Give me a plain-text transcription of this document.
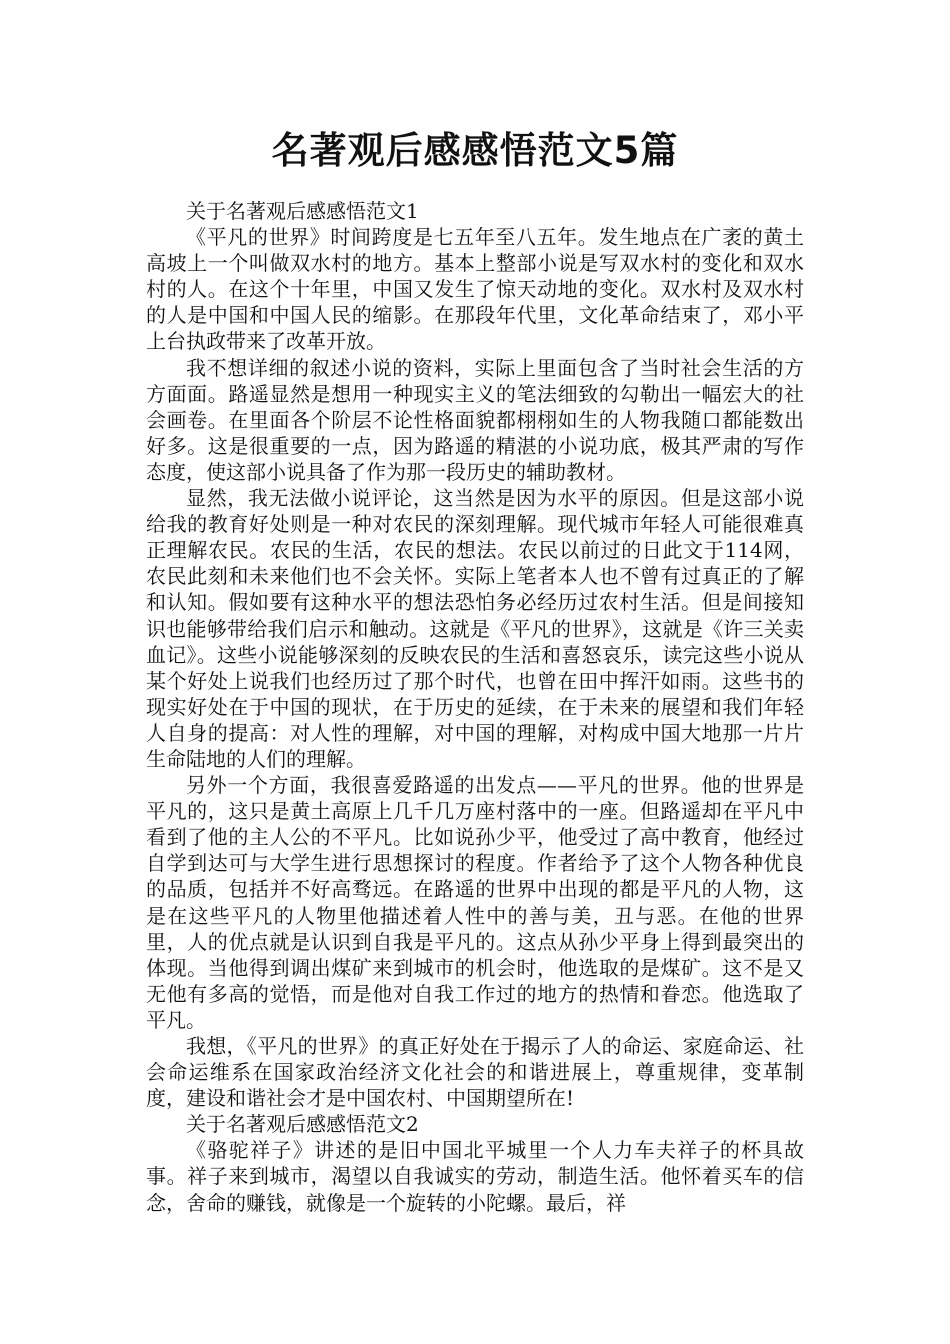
名著观后感感悟范文5篇

关于名著观后感感悟范文1

《平凡的世界》时间跨度是七五年至八五年。发生地点在广袤的黄土高坡上一个叫做双水村的地方。基本上整部小说是写双水村的变化和双水村的人。在这个十年里，中国又发生了惊天动地的变化。双水村及双水村的人是中国和中国人民的缩影。在那段年代里，文化革命结束了，邓小平上台执政带来了改革开放。

我不想详细的叙述小说的资料，实际上里面包含了当时社会生活的方方面面。路遥显然是想用一种现实主义的笔法细致的勾勒出一幅宏大的社会画卷。在里面各个阶层不论性格面貌都栩栩如生的人物我随口都能数出好多。这是很重要的一点，因为路遥的精湛的小说功底，极其严肃的写作态度，使这部小说具备了作为那一段历史的辅助教材。

显然，我无法做小说评论，这当然是因为水平的原因。但是这部小说给我的教育好处则是一种对农民的深刻理解。现代城市年轻人可能很难真正理解农民。农民的生活，农民的想法。农民以前过的日此文于114网，农民此刻和未来他们也不会关怀。实际上笔者本人也不曾有过真正的了解和认知。假如要有这种水平的想法恐怕务必经历过农村生活。但是间接知识也能够带给我们启示和触动。这就是《平凡的世界》，这就是《许三关卖血记》。这些小说能够深刻的反映农民的生活和喜怒哀乐，读完这些小说从某个好处上说我们也经历过了那个时代，也曾在田中挥汗如雨。这些书的现实好处在于中国的现状，在于历史的延续，在于未来的展望和我们年轻人自身的提高：对人性的理解，对中国的理解，对构成中国大地那一片片生命陆地的人们的理解。

另外一个方面，我很喜爱路遥的出发点——平凡的世界。他的世界是平凡的，这只是黄土高原上几千几万座村落中的一座。但路遥却在平凡中看到了他的主人公的不平凡。比如说孙少平，他受过了高中教育，他经过自学到达可与大学生进行思想探讨的程度。作者给予了这个人物各种优良的品质，包括并不好高骛远。在路遥的世界中出现的都是平凡的人物，这是在这些平凡的人物里他描述着人性中的善与美，丑与恶。在他的世界里，人的优点就是认识到自我是平凡的。这点从孙少平身上得到最突出的体现。当他得到调出煤矿来到城市的机会时，他选取的是煤矿。这不是又无他有多高的觉悟，而是他对自我工作过的地方的热情和眷恋。他选取了平凡。

我想，《平凡的世界》的真正好处在于揭示了人的命运、家庭命运、社会命运维系在国家政治经济文化社会的和谐进展上，尊重规律，变革制度，建设和谐社会才是中国农村、中国期望所在!

关于名著观后感感悟范文2

《骆驼祥子》讲述的是旧中国北平城里一个人力车夫祥子的杯具故事。祥子来到城市，渴望以自我诚实的劳动，制造生活。他怀着买车的信念，舍命的赚钱，就像是一个旋转的小陀螺。最后，祥
